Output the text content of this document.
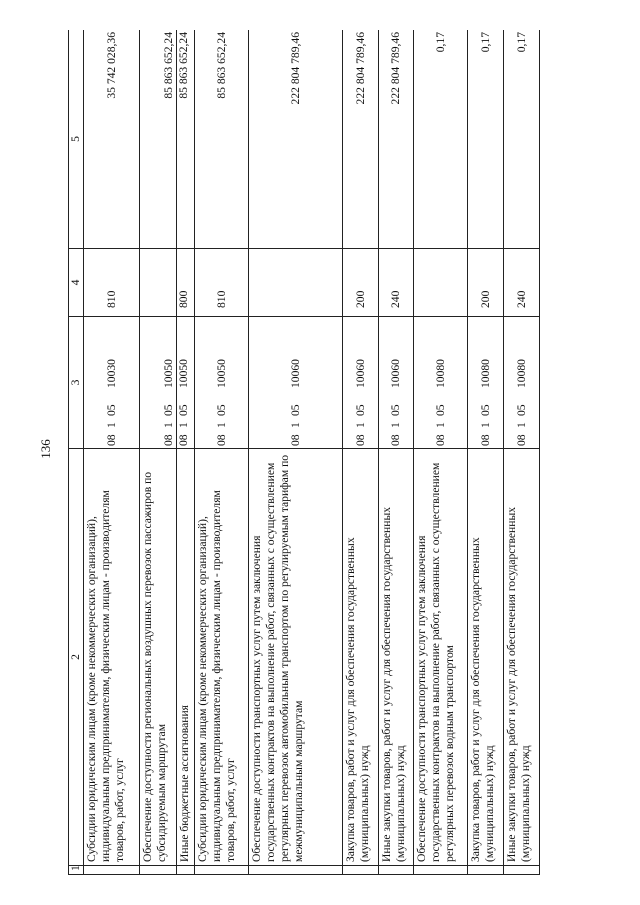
136
1	2	3	4	5
	Субсидии юридическим лицам (кроме некоммерческих организаций), индивидуальным предпринимателям, физическим лицам - производителям товаров, работ, услуг	0810510030	810	35 742 028,36
	Обеспечение доступности региональных воздушных перевозок пассажиров по субсидируемым маршрутам	0810510050		85 863 652,24
	Иные бюджетные ассигнования	0810510050	800	85 863 652,24
	Субсидии юридическим лицам (кроме некоммерческих организаций), индивидуальным предпринимателям, физическим лицам - производителям товаров, работ, услуг	0810510050	810	85 863 652,24
	Обеспечение доступности транспортных услуг путем заключения государственных контрактов на выполнение работ, связанных с осуществлением регулярных перевозок автомобильным транспортом по регулируемым тарифам по межмуниципальным маршрутам	0810510060		222 804 789,46
	Закупка товаров, работ и услуг для обеспечения государственных (муниципальных) нужд	0810510060	200	222 804 789,46
	Иные закупки товаров, работ и услуг для обеспечения государственных (муниципальных) нужд	0810510060	240	222 804 789,46
	Обеспечение доступности транспортных услуг путем заключения государственных контрактов на выполнение работ, связанных с осуществлением регулярных перевозок водным транспортом	0810510080		0,17
	Закупка товаров, работ и услуг для обеспечения государственных (муниципальных) нужд	0810510080	200	0,17
	Иные закупки товаров, работ и услуг для обеспечения государственных (муниципальных) нужд	0810510080	240	0,17
